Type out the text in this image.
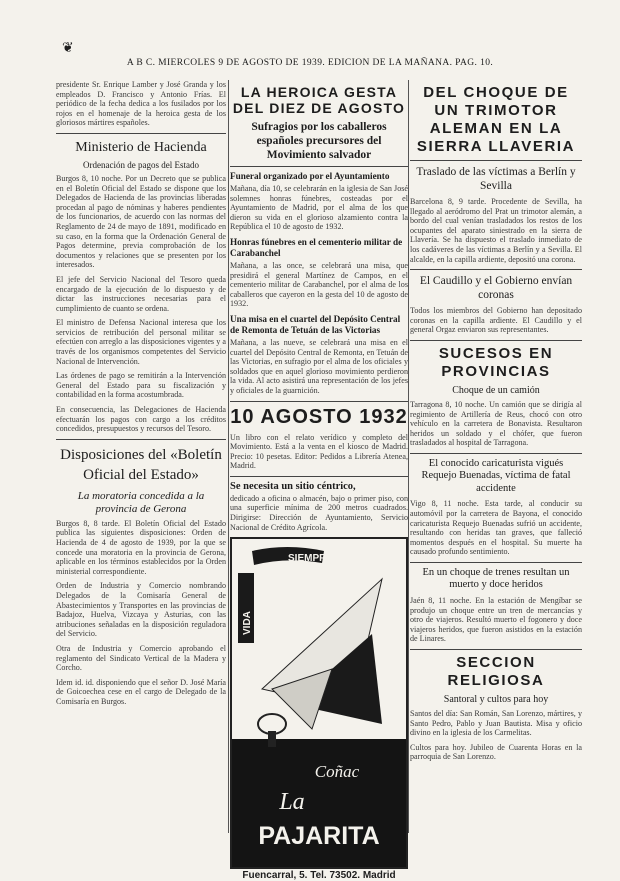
❦
A B C. MIERCOLES 9 DE AGOSTO DE 1939. EDICION DE LA MAÑANA. PAG. 10.

presidente Sr. Enrique Lamber y José Granda y los empleados D. Francisco y Antonio Frías. El periódico de la fecha dedica a los fusilados por los rojos en el homenaje de la heroica gesta de los gloriosos mártires españoles.

Ministerio de Hacienda
Ordenación de pagos del Estado

Burgos 8, 10 noche. Por un Decreto que se publica en el Boletín Oficial del Estado se dispone que los Delegados de Hacienda de las provincias liberadas procedan al pago de nóminas y haberes pendientes de los funcionarios, de acuerdo con las normas del Reglamento de 24 de mayo de 1891, modificado en su caso, en la forma que la Ordenación General de Pagos determine, previa comprobación de los documentos y relaciones que se presenten por los interesados.

El jefe del Servicio Nacional del Tesoro queda encargado de la ejecución de lo dispuesto y de dictar las instrucciones necesarias para el cumplimiento de cuanto se ordena.

El ministro de Defensa Nacional interesa que los servicios de retribución del personal militar se efectúen con arreglo a las disposiciones vigentes y a través de los organismos competentes del Servicio Nacional de Intervención.

Las órdenes de pago se remitirán a la Intervención General del Estado para su fiscalización y contabilidad en la forma acostumbrada.

En consecuencia, las Delegaciones de Hacienda efectuarán los pagos con cargo a los créditos concedidos, presupuestos y recursos del Tesoro.

Disposiciones del «Boletín Oficial del Estado»
La moratoria concedida a la provincia de Gerona

Burgos 8, 8 tarde. El Boletín Oficial del Estado publica las siguientes disposiciones: Orden de Hacienda de 4 de agosto de 1939, por la que se concede una moratoria en la provincia de Gerona, aplicable en los términos establecidos por la Orden ministerial correspondiente.

Orden de Industria y Comercio nombrando Delegados de la Comisaría General de Abastecimientos y Transportes en las provincias de Badajoz, Huelva, Vizcaya y Asturias, con las atribuciones señaladas en la disposición reguladora del Servicio.

Otra de Industria y Comercio aprobando el reglamento del Sindicato Vertical de la Madera y Corcho.

Idem id. id. disponiendo que el señor D. José María de Goicoechea cese en el cargo de Delegado de la Comisaría en Burgos.

LA HEROICA GESTA DEL DIEZ DE AGOSTO
Sufragios por los caballeros españoles precursores del Movimiento salvador
Funeral organizado por el Ayuntamiento

Mañana, día 10, se celebrarán en la iglesia de San José solemnes honras fúnebres, costeadas por el Ayuntamiento de Madrid, por el alma de los que dieron su vida en el glorioso alzamiento contra la República el 10 de agosto de 1932.

Honras fúnebres en el cementerio militar de Carabanchel

Mañana, a las once, se celebrará una misa, que presidirá el general Martínez de Campos, en el cementerio militar de Carabanchel, por el alma de los caballeros que cayeron en la gesta del 10 de agosto de 1932.

Una misa en el cuartel del Depósito Central de Remonta de Tetuán de las Victorias

Mañana, a las nueve, se celebrará una misa en el cuartel del Depósito Central de Remonta, en Tetuán de las Victorias, en sufragio por el alma de los oficiales y soldados que en aquel glorioso movimiento perdieron la vida. Al acto asistirá una representación de los jefes y oficiales de la guarnición.

10 AGOSTO 1932

Un libro con el relato verídico y completo del Movimiento. Está a la venta en el kiosco de Madrid. Precio: 10 pesetas. Editor: Pedidos a Librería Atenea, Madrid.

Se necesita un sitio céntrico,

dedicado a oficina o almacén, bajo o primer piso, con una superficie mínima de 200 metros cuadrados. Dirigirse: Dirección de Ayuntamiento, Servicio Nacional de Crédito Agrícola.

SIEMPRE
VIDA
Coñac
La
PAJARITA
Fuencarral, 5. Tel. 73502. Madrid
DEL CHOQUE DE UN TRIMOTOR ALEMAN EN LA SIERRA LLAVERIA
Traslado de las víctimas a Berlín y Sevilla

Barcelona 8, 9 tarde. Procedente de Sevilla, ha llegado al aeródromo del Prat un trimotor alemán, a bordo del cual venían trasladados los restos de los ocupantes del aparato siniestrado en la sierra de Llavería. Se ha dispuesto el traslado inmediato de los cadáveres de las víctimas a Berlín y a Sevilla. El alcalde, en la capilla ardiente, depositó una corona.

El Caudillo y el Gobierno envían coronas

Todos los miembros del Gobierno han depositado coronas en la capilla ardiente. El Caudillo y el general Orgaz enviaron sus representantes.

SUCESOS EN PROVINCIAS
Choque de un camión

Tarragona 8, 10 noche. Un camión que se dirigía al regimiento de Artillería de Reus, chocó con otro vehículo en la carretera de Bonavista. Resultaron heridos un soldado y el chófer, que fueron trasladados al hospital de Tarragona.

El conocido caricaturista vigués Requejo Buenadas, víctima de fatal accidente

Vigo 8, 11 noche. Esta tarde, al conducir su automóvil por la carretera de Bayona, el conocido caricaturista Requejo Buenadas sufrió un accidente, resultando con heridas tan graves, que falleció momentos después en el hospital. Su muerte ha causado profundo sentimiento.

En un choque de trenes resultan un muerto y doce heridos

Jaén 8, 11 noche. En la estación de Mengíbar se produjo un choque entre un tren de mercancías y otro de viajeros. Resultó muerto el fogonero y doce viajeros heridos, que fueron asistidos en la estación de Linares.

SECCION RELIGIOSA
Santoral y cultos para hoy

Santos del día: San Román, San Lorenzo, mártires, y Santo Pedro, Pablo y Juan Bautista. Misa y oficio divino en la iglesia de los Carmelitas.

Cultos para hoy. Jubileo de Cuarenta Horas en la parroquia de San Lorenzo.
